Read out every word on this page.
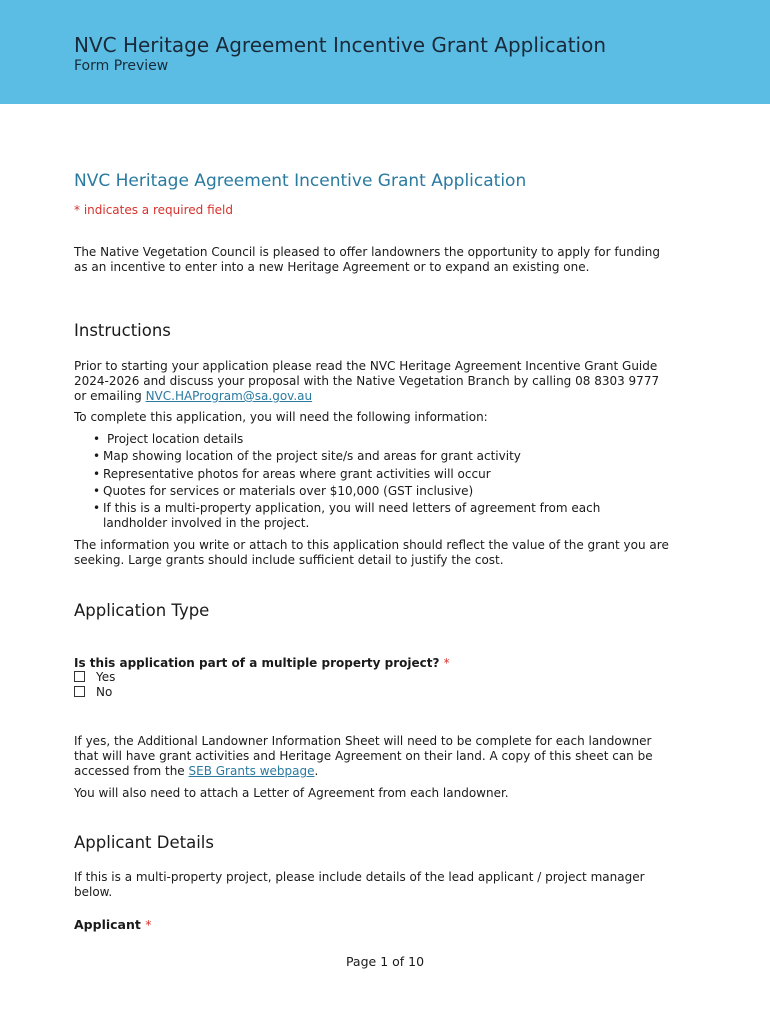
NVC Heritage Agreement Incentive Grant Application
Form Preview
NVC Heritage Agreement Incentive Grant Application
* indicates a required field
The Native Vegetation Council is pleased to offer landowners the opportunity to apply for funding as an incentive to enter into a new Heritage Agreement or to expand an existing one.
Instructions
Prior to starting your application please read the NVC Heritage Agreement Incentive Grant Guide 2024-2026 and discuss your proposal with the Native Vegetation Branch by calling 08 8303 9777 or emailing NVC.HAProgram@sa.gov.au
To complete this application, you will need the following information:
• Project location details
• Map showing location of the project site/s and areas for grant activity
• Representative photos for areas where grant activities will occur
• Quotes for services or materials over $10,000 (GST inclusive)
• If this is a multi-property application, you will need letters of agreement from each landholder involved in the project.
The information you write or attach to this application should reflect the value of the grant you are seeking. Large grants should include sufficient detail to justify the cost.
Application Type
Is this application part of a multiple property project? *
Yes
No
If yes, the Additional Landowner Information Sheet will need to be complete for each landowner that will have grant activities and Heritage Agreement on their land. A copy of this sheet can be accessed from the SEB Grants webpage.
You will also need to attach a Letter of Agreement from each landowner.
Applicant Details
If this is a multi-property project, please include details of the lead applicant / project manager below.
Applicant *
Page 1 of 10
